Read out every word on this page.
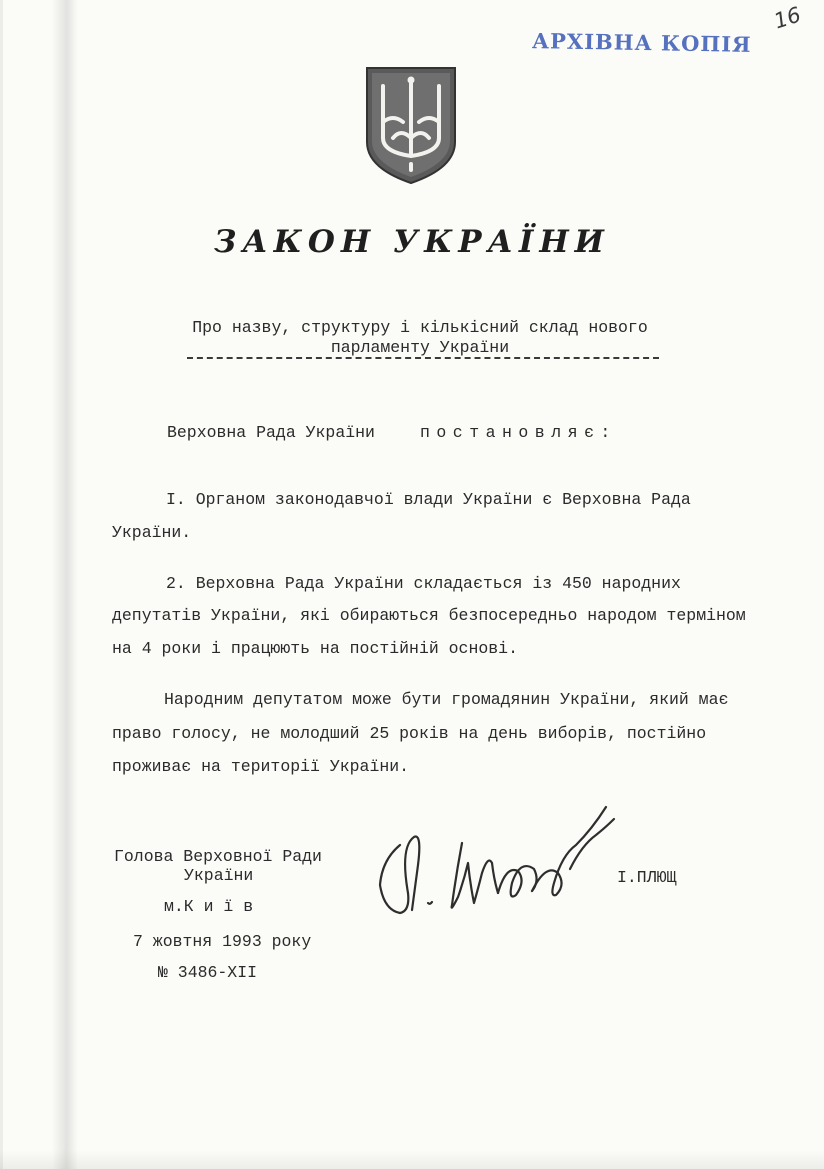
АРХІВНА КОПІЯ
16
ЗАКОН УКРАЇНИ
Про назву, структуру і кількісний склад нового
парламенту України
Верховна Рада України	постановляє:
I. Органом законодавчої влади України є Верховна Рада
України.
2. Верховна Рада України складається із 450 народних
депутатів України, які обираються безпосередньо народом терміном
на 4 роки і працюють на постійній основі.
Народним депутатом може бути громадянин України, який має
право голосу, не молодший 25 років на день виборів, постійно
проживає на території України.
Голова Верховної Ради
України	І.ПЛЮЩ
м.К и ї в
7 жовтня 1993 року
№ 3486-ХІІ
